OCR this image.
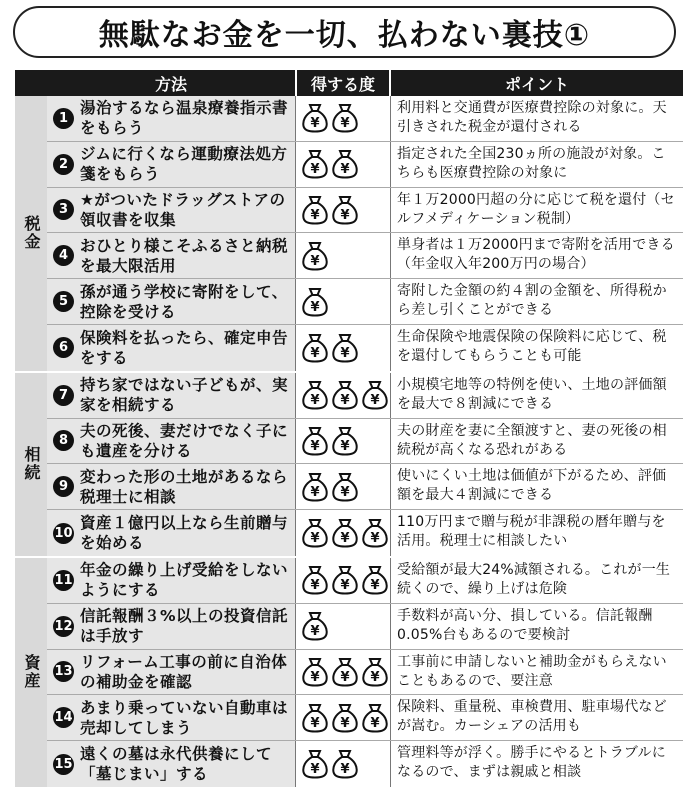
無駄なお金を一切、払わない裏技①
方法	得する度	ポイント
税金
1
湯治するなら温泉療養指示書をもらう
利用料と交通費が医療費控除の対象に。天引きされた税金が還付される
2
ジムに行くなら運動療法処方箋をもらう
指定された全国230ヵ所の施設が対象。こちらも医療費控除の対象に
3
★がついたドラッグストアの領収書を収集
年１万2000円超の分に応じて税を還付（セルフメディケーション税制）
4
おひとり様こそふるさと納税を最大限活用
単身者は１万2000円まで寄附を活用できる（年金収入年200万円の場合）
5
孫が通う学校に寄附をして、控除を受ける
寄附した金額の約４割の金額を、所得税から差し引くことができる
6
保険料を払ったら、確定申告をする
生命保険や地震保険の保険料に応じて、税を還付してもらうことも可能
相続
7
持ち家ではない子どもが、実家を相続する
小規模宅地等の特例を使い、土地の評価額を最大で８割減にできる
8
夫の死後、妻だけでなく子にも遺産を分ける
夫の財産を妻に全額渡すと、妻の死後の相続税が高くなる恐れがある
9
変わった形の土地があるなら税理士に相談
使いにくい土地は価値が下がるため、評価額を最大４割減にできる
10
資産１億円以上なら生前贈与を始める
110万円まで贈与税が非課税の暦年贈与を活用。税理士に相談したい
資産
11
年金の繰り上げ受給をしないようにする
受給額が最大24%減額される。これが一生続くので、繰り上げは危険
12
信託報酬３%以上の投資信託は手放す
手数料が高い分、損している。信託報酬0.05%台もあるので要検討
13
リフォーム工事の前に自治体の補助金を確認
工事前に申請しないと補助金がもらえないこともあるので、要注意
14
あまり乗っていない自動車は売却してしまう
保険料、重量税、車検費用、駐車場代などが嵩む。カーシェアの活用も
15
遠くの墓は永代供養にして「墓じまい」する
管理料等が浮く。勝手にやるとトラブルになるので、まずは親戚と相談
